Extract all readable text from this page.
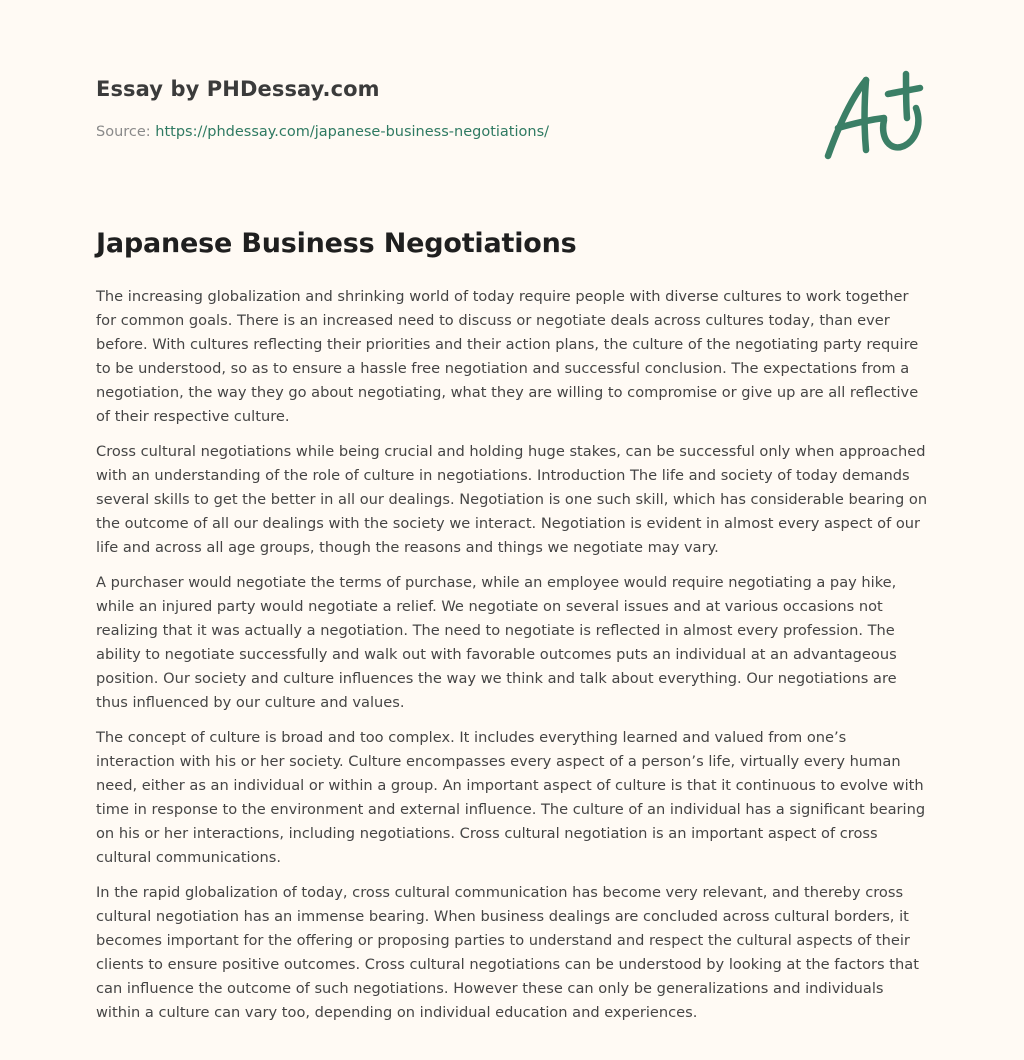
Essay by PHDessay.com
Source: https://phdessay.com/japanese-business-negotiations/
Japanese Business Negotiations

The increasing globalization and shrinking world of today require people with diverse cultures to work together for common goals. There is an increased need to discuss or negotiate deals across cultures today, than ever before. With cultures reflecting their priorities and their action plans, the culture of the negotiating party require to be understood, so as to ensure a hassle free negotiation and successful conclusion. The expectations from a negotiation, the way they go about negotiating, what they are willing to compromise or give up are all reflective of their respective culture.

Cross cultural negotiations while being crucial and holding huge stakes, can be successful only when approached with an understanding of the role of culture in negotiations. Introduction The life and society of today demands several skills to get the better in all our dealings. Negotiation is one such skill, which has considerable bearing on the outcome of all our dealings with the society we interact. Negotiation is evident in almost every aspect of our life and across all age groups, though the reasons and things we negotiate may vary.

A purchaser would negotiate the terms of purchase, while an employee would require negotiating a pay hike, while an injured party would negotiate a relief. We negotiate on several issues and at various occasions not realizing that it was actually a negotiation. The need to negotiate is reflected in almost every profession. The ability to negotiate successfully and walk out with favorable outcomes puts an individual at an advantageous position. Our society and culture influences the way we think and talk about everything. Our negotiations are thus influenced by our culture and values.

The concept of culture is broad and too complex. It includes everything learned and valued from one’s interaction with his or her society. Culture encompasses every aspect of a person’s life, virtually every human need, either as an individual or within a group. An important aspect of culture is that it continuous to evolve with time in response to the environment and external influence. The culture of an individual has a significant bearing on his or her interactions, including negotiations. Cross cultural negotiation is an important aspect of cross cultural communications.

In the rapid globalization of today, cross cultural communication has become very relevant, and thereby cross cultural negotiation has an immense bearing. When business dealings are concluded across cultural borders, it becomes important for the offering or proposing parties to understand and respect the cultural aspects of their clients to ensure positive outcomes. Cross cultural negotiations can be understood by looking at the factors that can influence the outcome of such negotiations. However these can only be generalizations and individuals within a culture can vary too, depending on individual education and experiences.
